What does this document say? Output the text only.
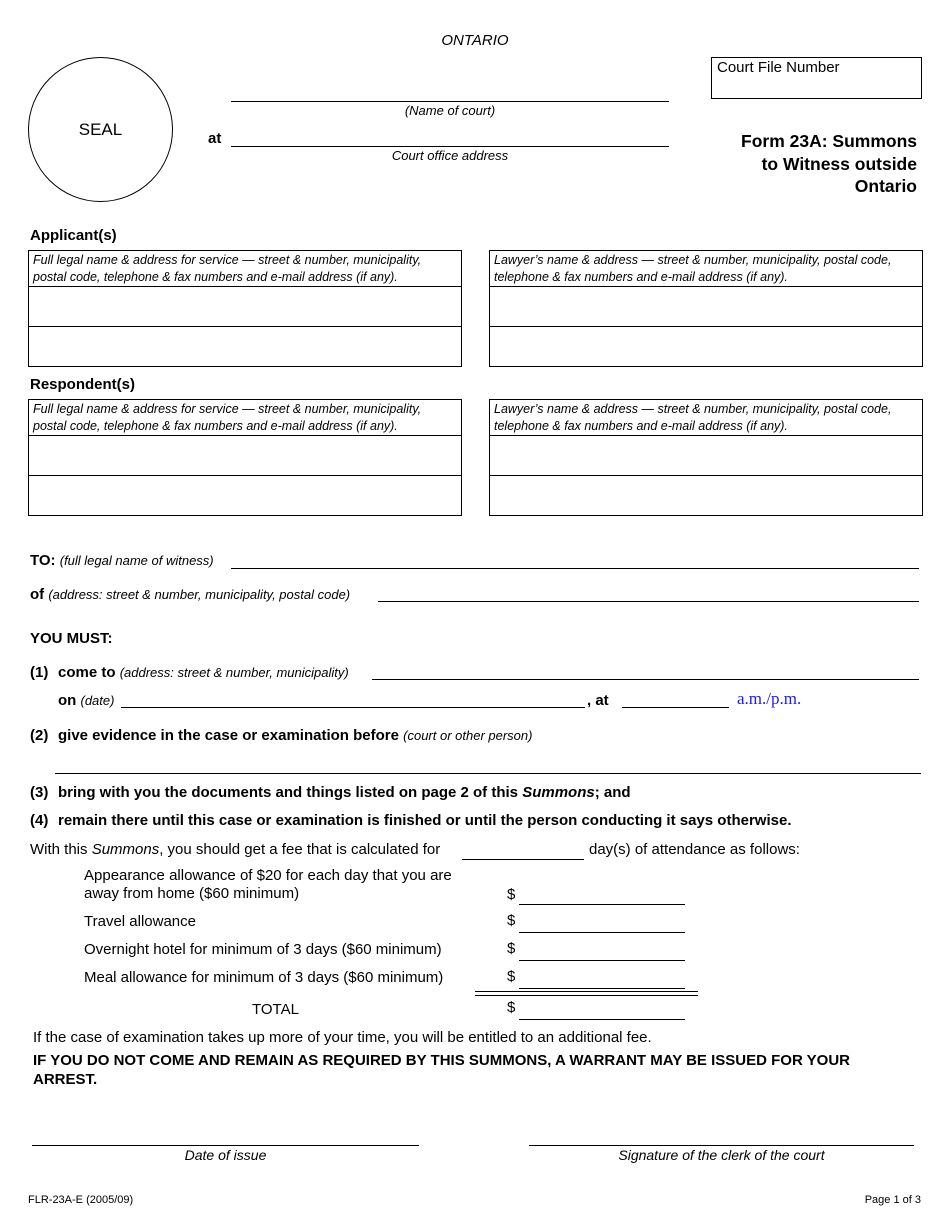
ONTARIO
SEAL
(Name of court)
at
Court office address
Court File Number
Form 23A: Summons
to Witness outside
Ontario
Applicant(s)
Full legal name & address for service — street & number, municipality, postal code, telephone & fax numbers and e-mail address (if any).
Lawyer’s name & address — street & number, municipality, postal code, telephone & fax numbers and e-mail address (if any).
Respondent(s)
Full legal name & address for service — street & number, municipality, postal code, telephone & fax numbers and e-mail address (if any).
Lawyer’s name & address — street & number, municipality, postal code, telephone & fax numbers and e-mail address (if any).
TO: (full legal name of witness)
of (address: street & number, municipality, postal code)
YOU MUST:
(1) come to (address: street & number, municipality)
on (date)	, at	a.m./p.m.
(2) give evidence in the case or examination before (court or other person)
(3) bring with you the documents and things listed on page 2 of this Summons; and
(4) remain there until this case or examination is finished or until the person conducting it says otherwise.
With this Summons, you should get a fee that is calculated for	day(s) of attendance as follows:
Appearance allowance of $20 for each day that you are
away from home ($60 minimum)	$
Travel allowance	$
Overnight hotel for minimum of 3 days ($60 minimum)	$
Meal allowance for minimum of 3 days ($60 minimum)	$
TOTAL	$
If the case of examination takes up more of your time, you will be entitled to an additional fee.
IF YOU DO NOT COME AND REMAIN AS REQUIRED BY THIS SUMMONS, A WARRANT MAY BE ISSUED FOR YOUR ARREST.
Date of issue	Signature of the clerk of the court
FLR-23A-E (2005/09)	Page 1 of 3
